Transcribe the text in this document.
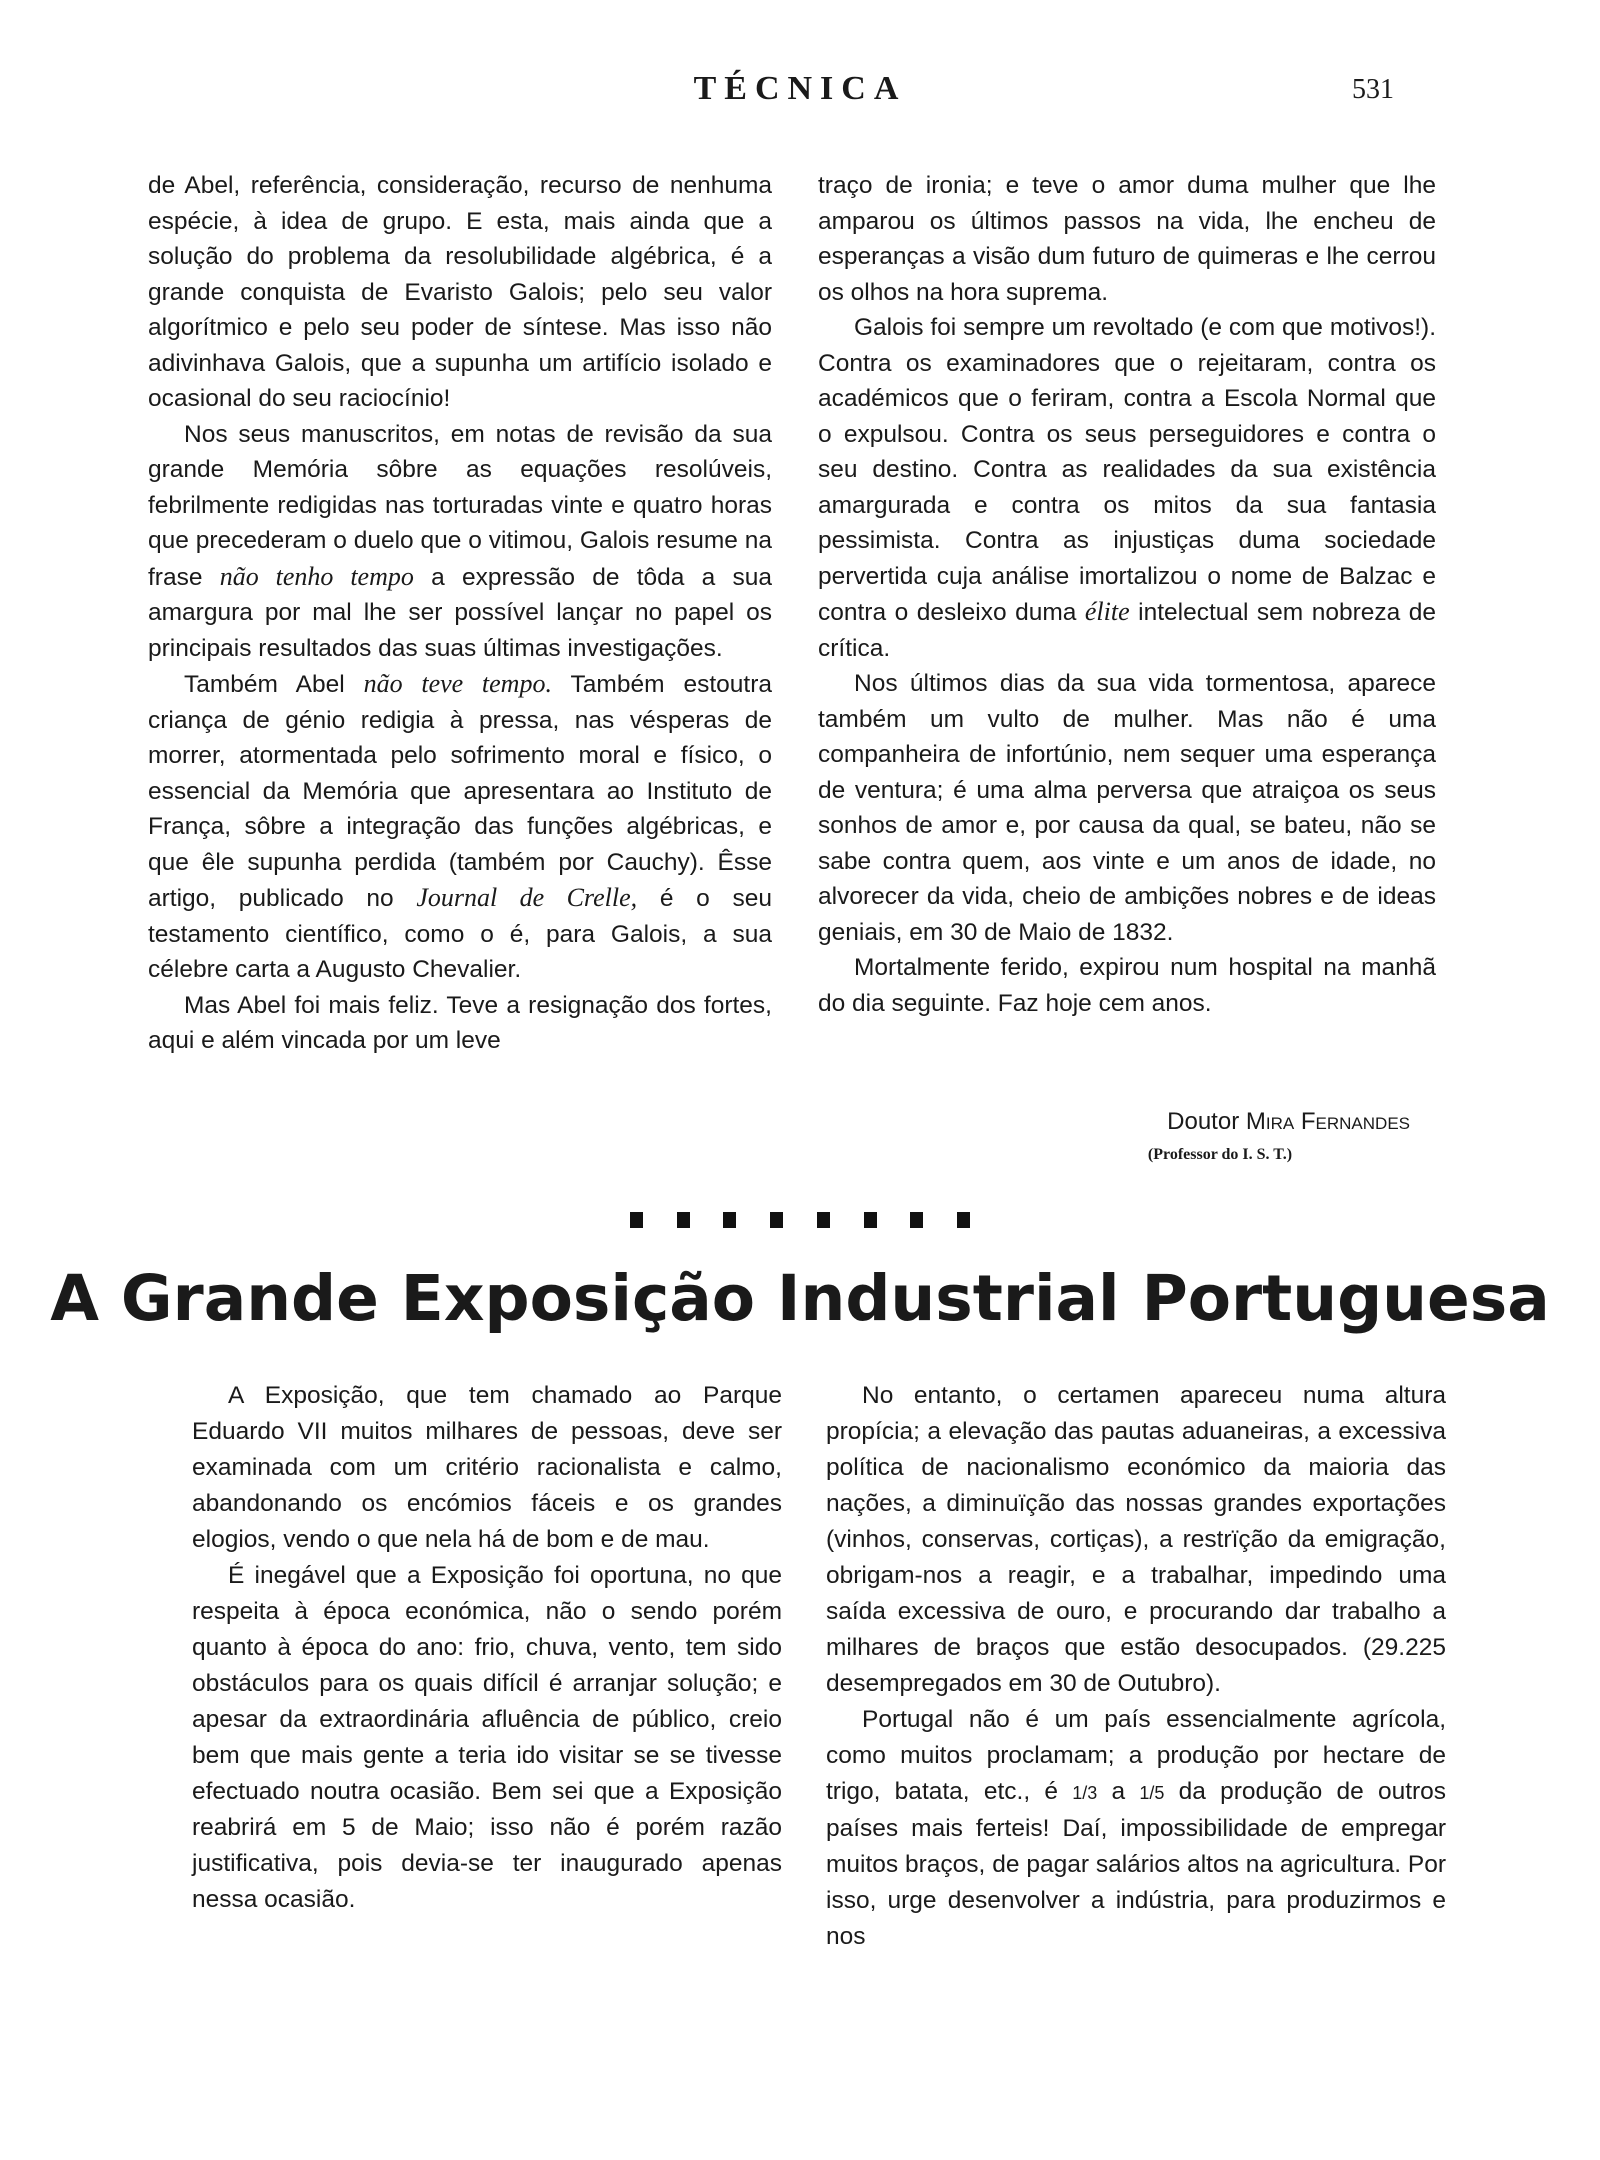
TÉCNICA	531

de Abel, referência, consideração, recurso de nenhuma espécie, à idea de grupo. E esta, mais ainda que a solução do problema da resolubilidade algébrica, é a grande conquista de Evaristo Galois; pelo seu valor algorítmico e pelo seu poder de síntese. Mas isso não adivinhava Galois, que a supunha um artifício isolado e ocasional do seu raciocínio!

Nos seus manuscritos, em notas de revisão da sua grande Memória sôbre as equações resolúveis, febrilmente redigidas nas torturadas vinte e quatro horas que precederam o duelo que o vitimou, Galois resume na frase não tenho tempo a expressão de tôda a sua amargura por mal lhe ser possível lançar no papel os principais resultados das suas últimas investigações.

Também Abel não teve tempo. Também estoutra criança de génio redigia à pressa, nas vésperas de morrer, atormentada pelo sofrimento moral e físico, o essencial da Memória que apresentara ao Instituto de França, sôbre a integração das funções algébricas, e que êle supunha perdida (também por Cauchy). Êsse artigo, publicado no Journal de Crelle, é o seu testamento científico, como o é, para Galois, a sua célebre carta a Augusto Chevalier.

Mas Abel foi mais feliz. Teve a resignação dos fortes, aqui e além vincada por um leve

traço de ironia; e teve o amor duma mulher que lhe amparou os últimos passos na vida, lhe encheu de esperanças a visão dum futuro de quimeras e lhe cerrou os olhos na hora suprema.

Galois foi sempre um revoltado (e com que motivos!). Contra os examinadores que o rejeitaram, contra os académicos que o feriram, contra a Escola Normal que o expulsou. Contra os seus perseguidores e contra o seu destino. Contra as realidades da sua existência amargurada e contra os mitos da sua fantasia pessimista. Contra as injustiças duma sociedade pervertida cuja análise imortalizou o nome de Balzac e contra o desleixo duma élite intelectual sem nobreza de crítica.

Nos últimos dias da sua vida tormentosa, aparece também um vulto de mulher. Mas não é uma companheira de infortúnio, nem sequer uma esperança de ventura; é uma alma perversa que atraiçoa os seus sonhos de amor e, por causa da qual, se bateu, não se sabe contra quem, aos vinte e um anos de idade, no alvorecer da vida, cheio de ambições nobres e de ideas geniais, em 30 de Maio de 1832.

Mortalmente ferido, expirou num hospital na manhã do dia seguinte. Faz hoje cem anos.

Doutor Mira Fernandes
(Professor do I. S. T.)
A Grande Exposição Industrial Portuguesa

A Exposição, que tem chamado ao Parque Eduardo VII muitos milhares de pessoas, deve ser examinada com um critério racionalista e calmo, abandonando os encómios fáceis e os grandes elogios, vendo o que nela há de bom e de mau.

É inegável que a Exposição foi oportuna, no que respeita à época económica, não o sendo porém quanto à época do ano: frio, chuva, vento, tem sido obstáculos para os quais difícil é arranjar solução; e apesar da extraordinária afluência de público, creio bem que mais gente a teria ido visitar se se tivesse efectuado noutra ocasião. Bem sei que a Exposição reabrirá em 5 de Maio; isso não é porém razão justificativa, pois devia-se ter inaugurado apenas nessa ocasião.

No entanto, o certamen apareceu numa altura propícia; a elevação das pautas aduaneiras, a excessiva política de nacionalismo económico da maioria das nações, a diminuïção das nossas grandes exportações (vinhos, conservas, cortiças), a restrïção da emigração, obrigam-nos a reagir, e a trabalhar, impedindo uma saída excessiva de ouro, e procurando dar trabalho a milhares de braços que estão desocupados. (29.225 desempregados em 30 de Outubro).

Portugal não é um país essencialmente agrícola, como muitos proclamam; a produção por hectare de trigo, batata, etc., é 1/3 a 1/5 da produção de outros países mais ferteis! Daí, impossibilidade de empregar muitos braços, de pagar salários altos na agricultura. Por isso, urge desenvolver a indústria, para produzirmos e nos
